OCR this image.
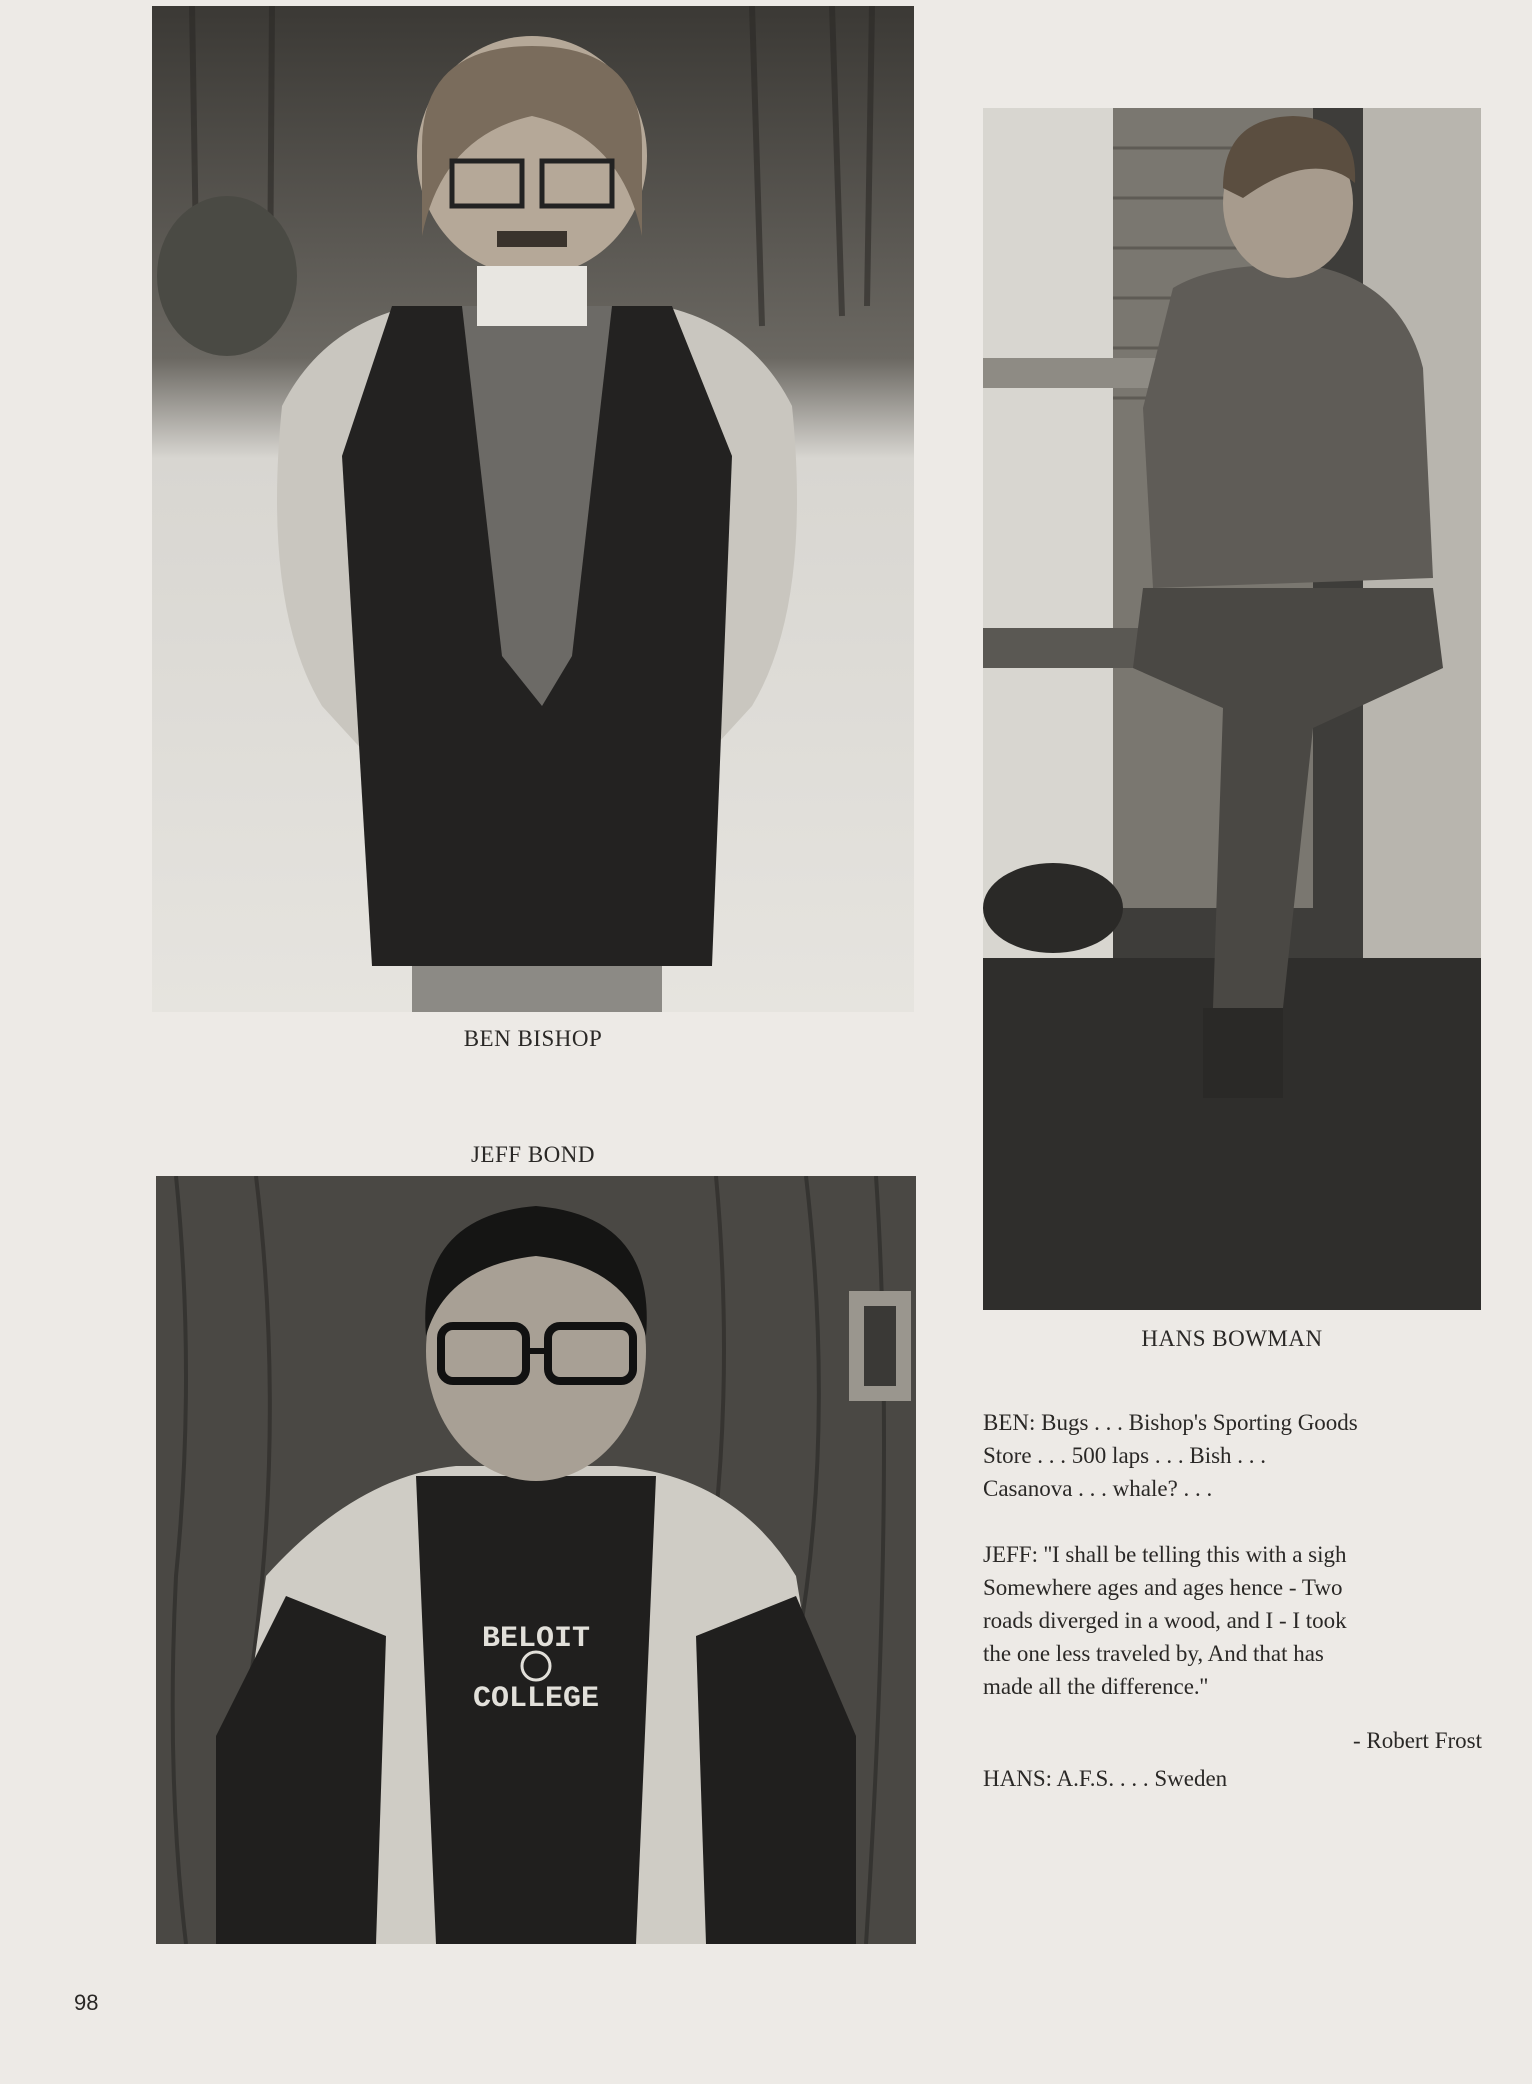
BEN BISHOP
HANS BOWMAN
JEFF BOND
BELOIT
COLLEGE
BEN: Bugs . . . Bishop's Sporting Goods
Store . . . 500 laps . . . Bish . . .
Casanova . . . whale? . . .
JEFF: ''I shall be telling this with a sigh
Somewhere ages and ages hence - Two
roads diverged in a wood, and I - I took
the one less traveled by, And that has
made all the difference.''
- Robert Frost
HANS: A.F.S. . . . Sweden
98
